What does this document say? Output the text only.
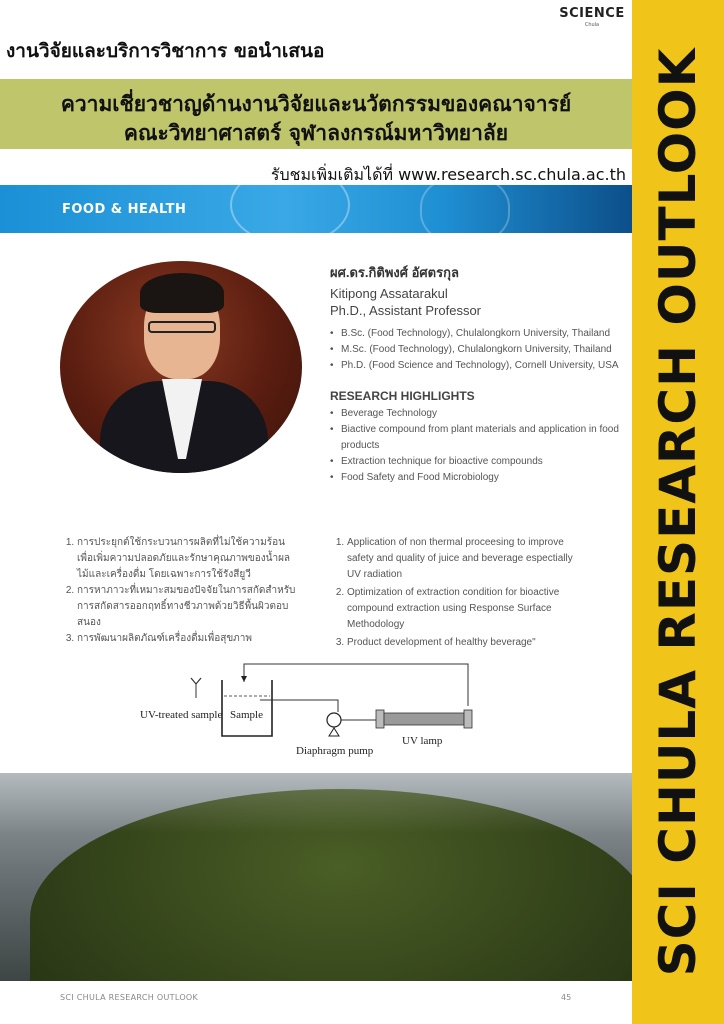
งานวิจัยและบริการวิชาการ ขอนำเสนอ
SCIENCE
Chula
ความเชี่ยวชาญด้านงานวิจัยและนวัตกรรมของคณาจารย์
คณะวิทยาศาสตร์ จุฬาลงกรณ์มหาวิทยาลัย
รับชมเพิ่มเติมได้ที่ www.research.sc.chula.ac.th
FOOD & HEALTH
ผศ.ดร.กิติพงศ์ อัศตรกุล
Kitipong Assatarakul
Ph.D., Assistant Professor
• B.Sc. (Food Technology), Chulalongkorn University, Thailand
• M.Sc. (Food Technology), Chulalongkorn University, Thailand
• Ph.D. (Food Science and Technology), Cornell University, USA
RESEARCH HIGHLIGHTS
• Beverage Technology
• Biactive compound from plant materials and application in food products
• Extraction technique for bioactive compounds
• Food Safety and Food Microbiology
1. การประยุกต์ใช้กระบวนการผลิตที่ไม่ใช้ความร้อนเพื่อเพิ่มความปลอดภัยและรักษาคุณภาพของน้ำผลไม้และเครื่องดื่ม โดยเฉพาะการใช้รังสียูวี
2. การหาภาวะที่เหมาะสมของปัจจัยในการสกัดสำหรับการสกัดสารออกฤทธิ์ทางชีวภาพด้วยวิธีพื้นผิวตอบสนอง
3. การพัฒนาผลิตภัณฑ์เครื่องดื่มเพื่อสุขภาพ
1. Application of non thermal proceesing to improve safety and quality of juice and beverage espectially UV radiation
2. Optimization of extraction condition for bioactive compound extraction using Response Surface Methodology
3. Product development of healthy beverage"
UV-treated sample Sample
Diaphragm pump
UV lamp
SCI CHULA RESEARCH OUTLOOK	45
SCI CHULA RESEARCH OUTLOOK
